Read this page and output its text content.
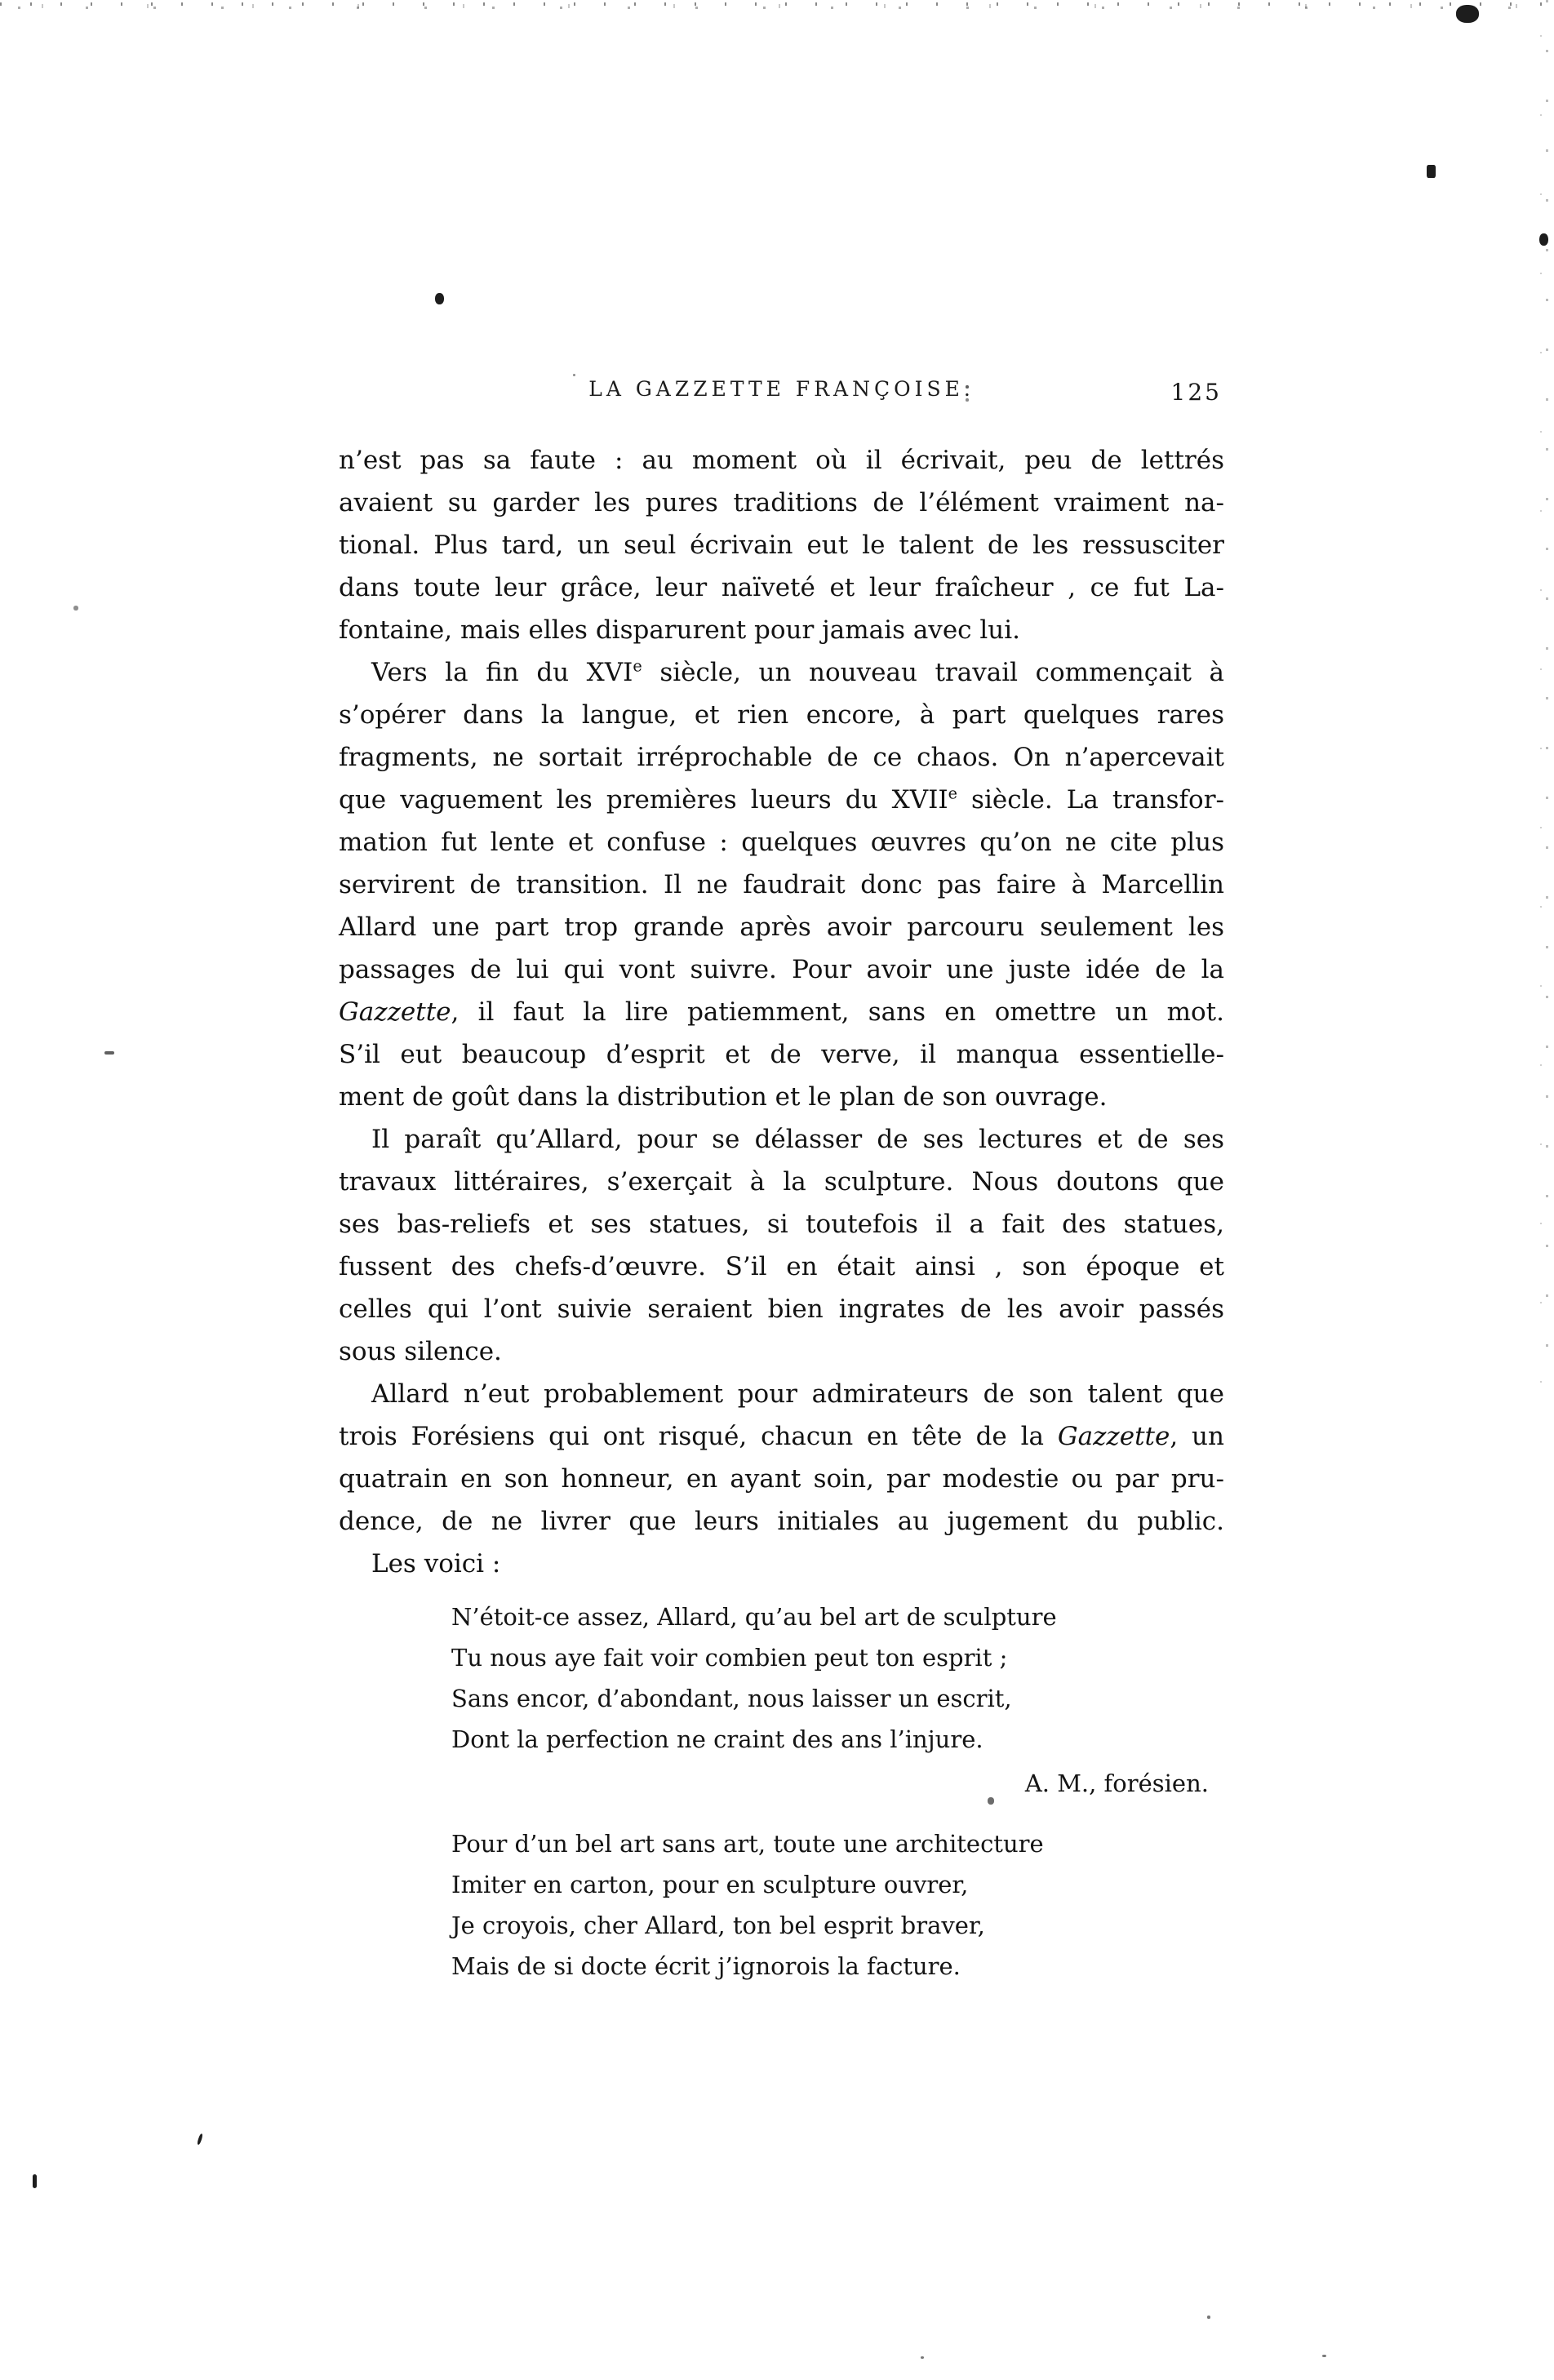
LA GAZZETTE FRANÇOISE.	125
n’est pas sa faute : au moment où il écrivait, peu de lettrés
avaient su garder les pures traditions de l’élément vraiment na-
tional. Plus tard, un seul écrivain eut le talent de les ressusciter
dans toute leur grâce, leur naïveté et leur fraîcheur , ce fut La-
fontaine, mais elles disparurent pour jamais avec lui.
Vers la fin du XVIe siècle, un nouveau travail commençait à
s’opérer dans la langue, et rien encore, à part quelques rares
fragments, ne sortait irréprochable de ce chaos. On n’apercevait
que vaguement les premières lueurs du XVIIe siècle. La transfor-
mation fut lente et confuse : quelques œuvres qu’on ne cite plus
servirent de transition. Il ne faudrait donc pas faire à Marcellin
Allard une part trop grande après avoir parcouru seulement les
passages de lui qui vont suivre. Pour avoir une juste idée de la
Gazzette, il faut la lire patiemment, sans en omettre un mot.
S’il eut beaucoup d’esprit et de verve, il manqua essentielle-
ment de goût dans la distribution et le plan de son ouvrage.
Il paraît qu’Allard, pour se délasser de ses lectures et de ses
travaux littéraires, s’exerçait à la sculpture. Nous doutons que
ses bas-reliefs et ses statues, si toutefois il a fait des statues,
fussent des chefs-d’œuvre. S’il en était ainsi , son époque et
celles qui l’ont suivie seraient bien ingrates de les avoir passés
sous silence.
Allard n’eut probablement pour admirateurs de son talent que
trois Forésiens qui ont risqué, chacun en tête de la Gazzette, un
quatrain en son honneur, en ayant soin, par modestie ou par pru-
dence, de ne livrer que leurs initiales au jugement du public.
Les voici :
N’étoit-ce assez, Allard, qu’au bel art de sculpture
Tu nous aye fait voir combien peut ton esprit ;
Sans encor, d’abondant, nous laisser un escrit,
Dont la perfection ne craint des ans l’injure.
A. M., forésien.
Pour d’un bel art sans art, toute une architecture
Imiter en carton, pour en sculpture ouvrer,
Je croyois, cher Allard, ton bel esprit braver,
Mais de si docte écrit j’ignorois la facture.
